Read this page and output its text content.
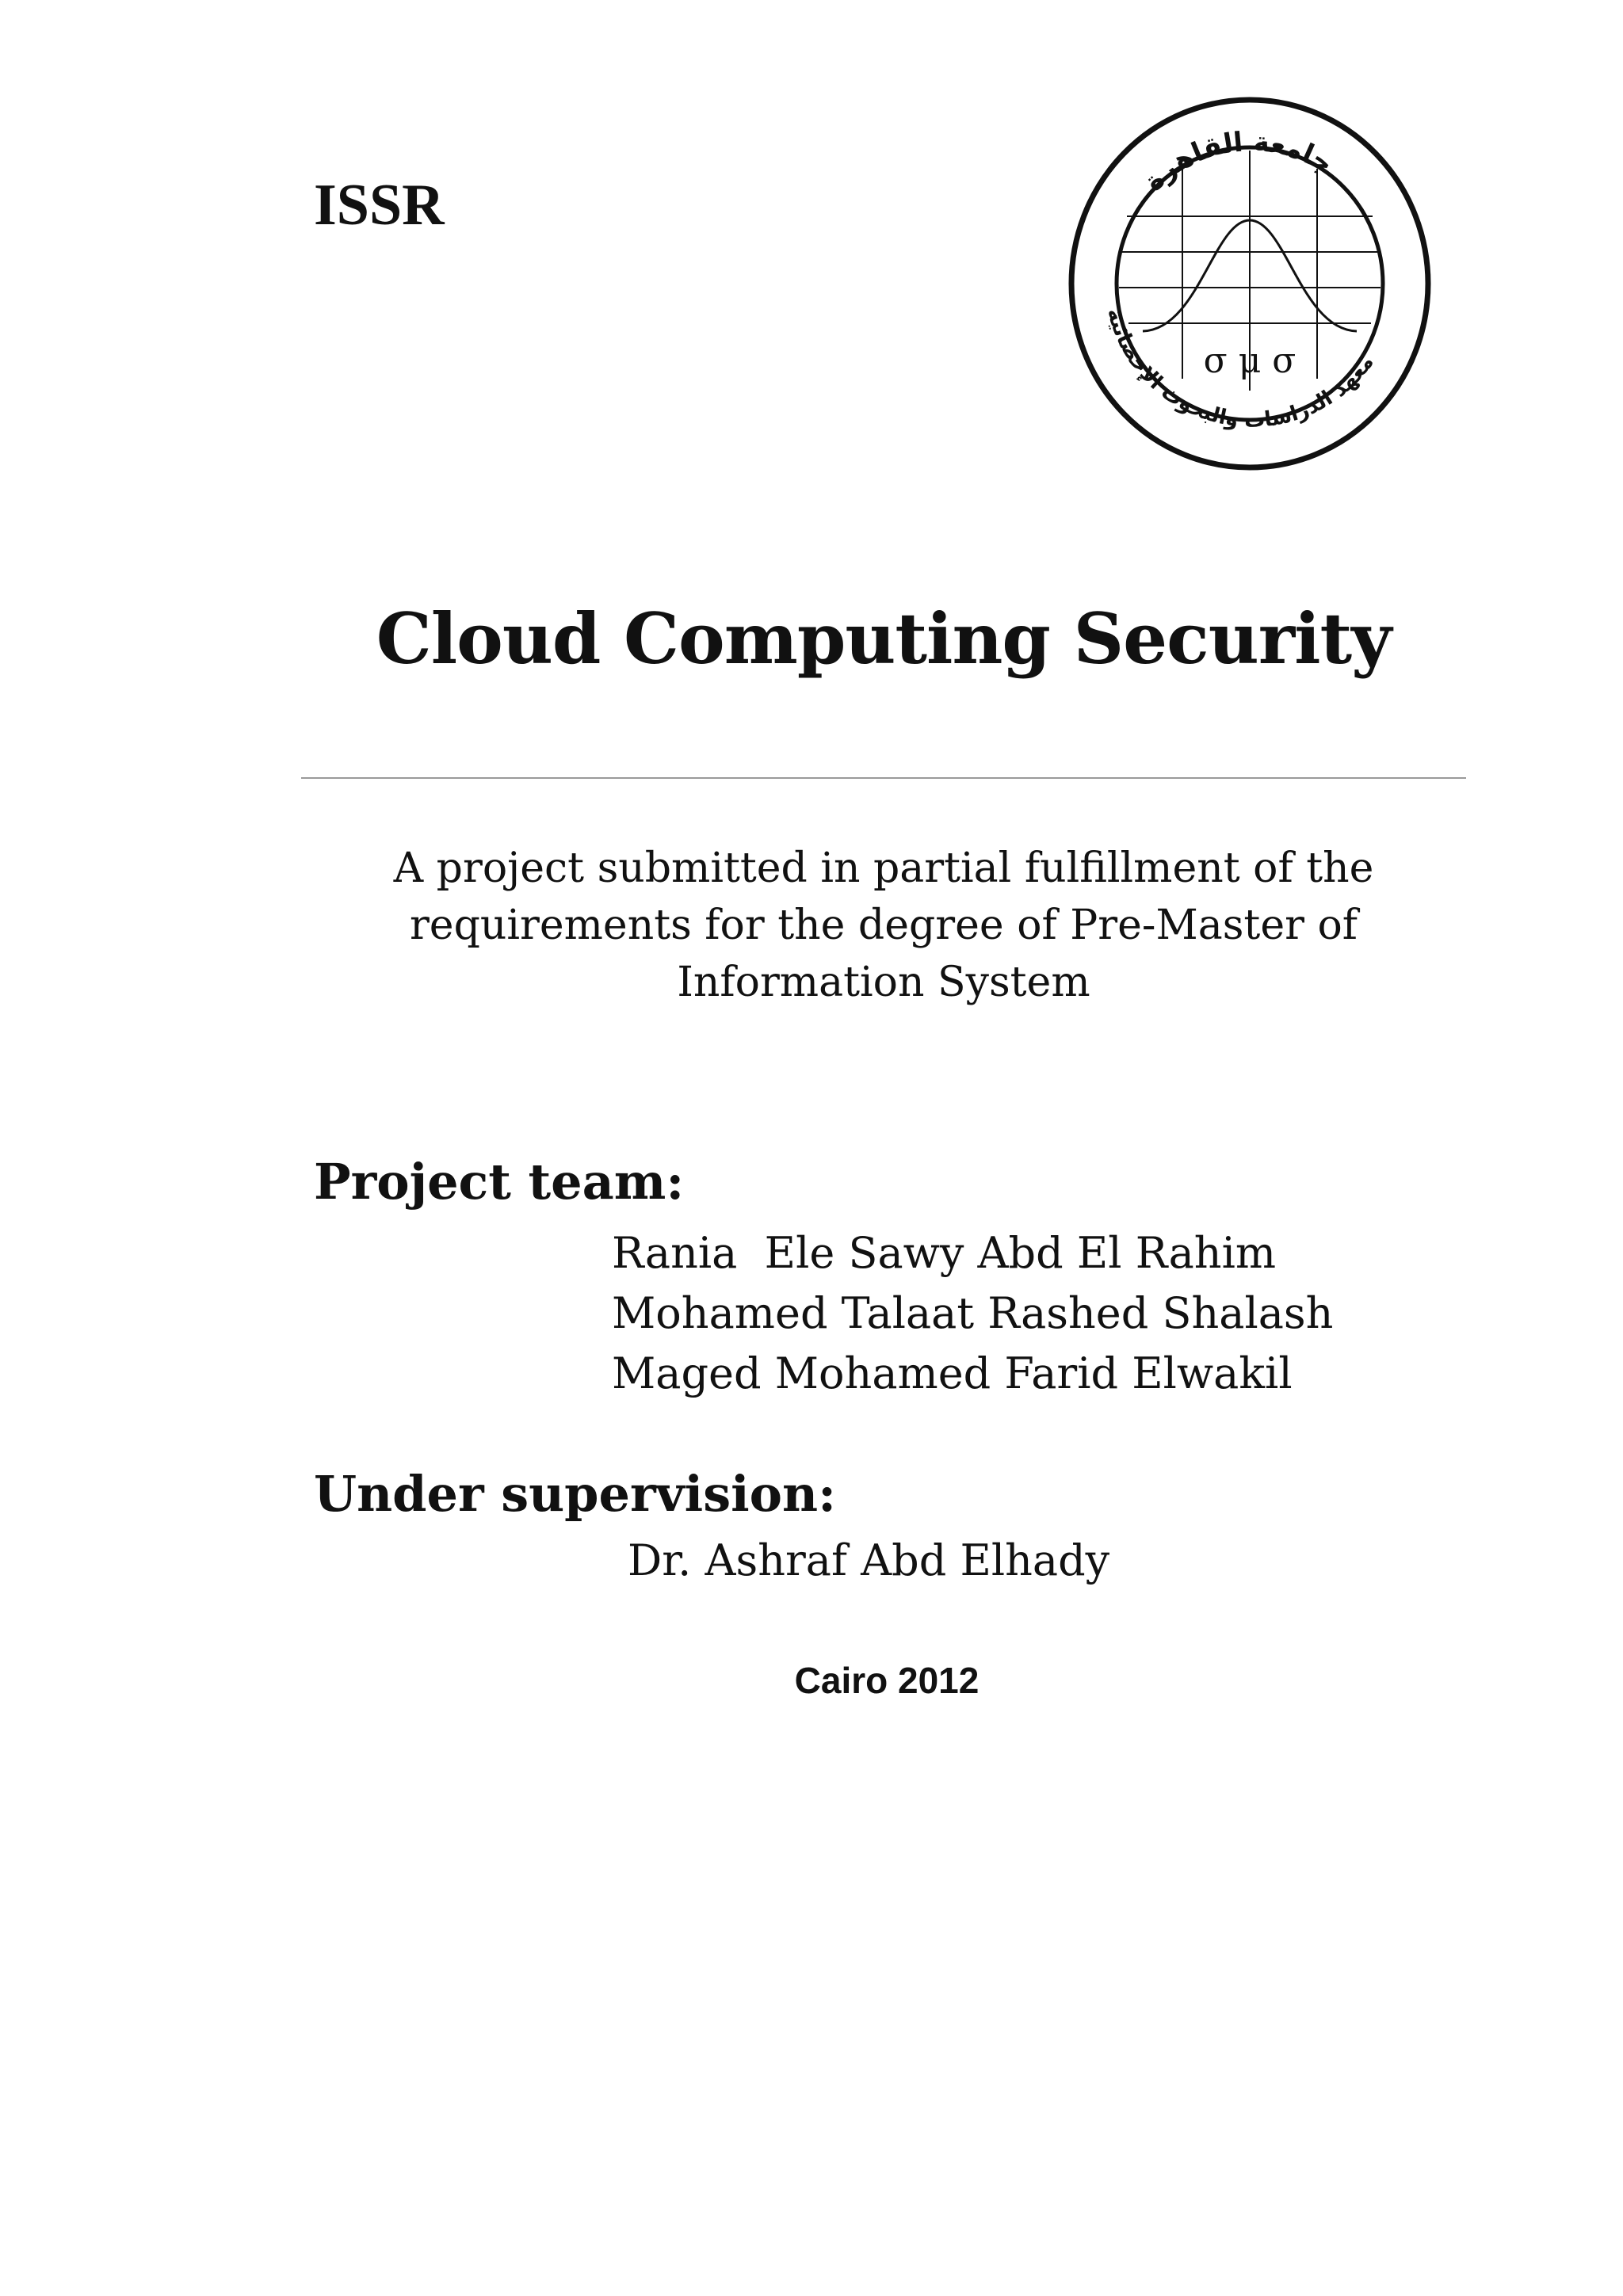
ISSR
σ μ σ
جامعة القاهرة
معهد الدراسات والبحوث الإحصائية
Cloud Computing Security

A project submitted in partial fulfillment of the
requirements for the degree of Pre-Master of
Information System

Project team:
Rania  Ele Sawy Abd El Rahim
Mohamed Talaat Rashed Shalash
Maged Mohamed Farid Elwakil
Under supervision:

Dr. Ashraf Abd Elhady

Cairo 2012
